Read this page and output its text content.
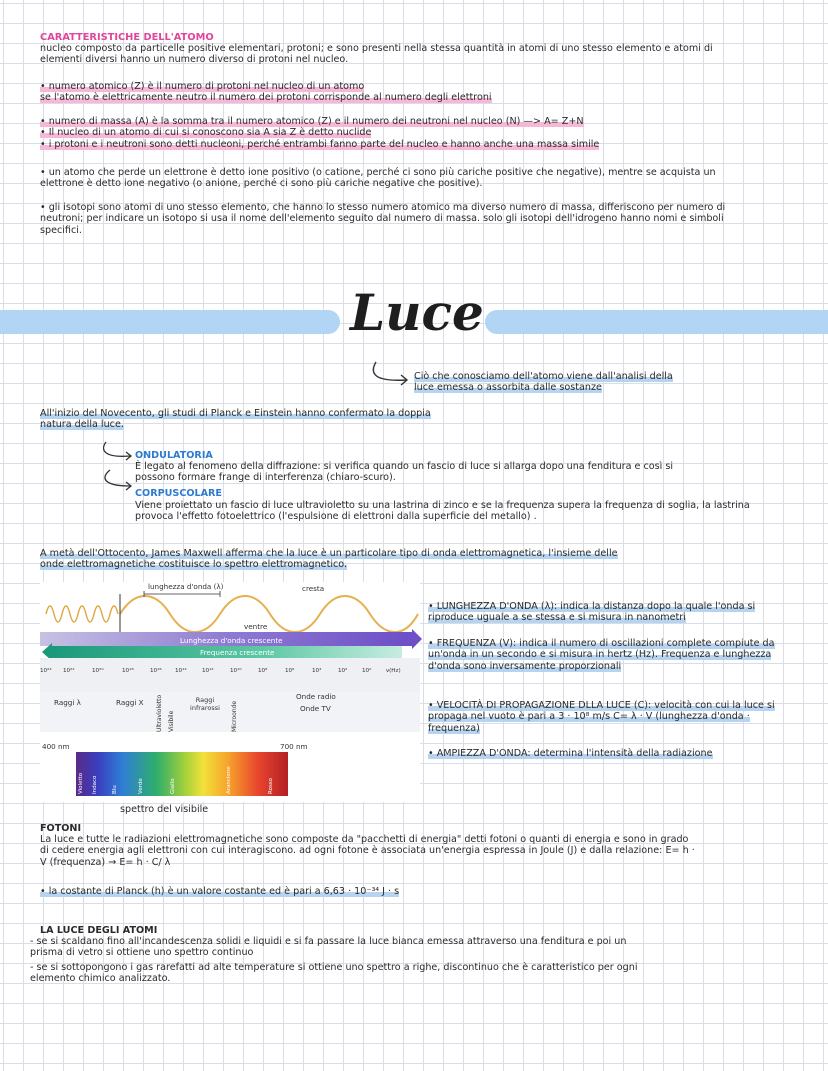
CARATTERISTICHE DELL'ATOMO
nucleo composto da particelle positive elementari, protoni; e sono presenti nella stessa quantità in atomi di uno stesso elemento e atomi di elementi diversi hanno un numero diverso di protoni nel nucleo.
• numero atomico (Z) è il numero di protoni nel nucleo di un atomo
se l'atomo è elettricamente neutro il numero dei protoni corrisponde al numero degli elettroni
• numero di massa (A) è la somma tra il numero atomico (Z) e il numero dei neutroni nel nucleo (N) —> A= Z+N
• Il nucleo di un atomo di cui si conoscono sia A sia Z è detto nuclide
• i protoni e i neutroni sono detti nucleoni, perché entrambi fanno parte del nucleo e hanno anche una massa simile
• un atomo che perde un elettrone è detto ione positivo (o catione, perché ci sono più cariche positive che negative), mentre se acquista un elettrone è detto ione negativo (o anione, perché ci sono più cariche negative che positive).
• gli isotopi sono atomi di uno stesso elemento, che hanno lo stesso numero atomico ma diverso numero di massa, differiscono per numero di neutroni; per indicare un isotopo si usa il nome dell'elemento seguito dal numero di massa. solo gli isotopi dell'idrogeno hanno nomi e simboli specifici.
Luce
Ciò che conosciamo dell'atomo viene dall'analisi della luce emessa o assorbita dalle sostanze
All'inizio del Novecento, gli studi di Planck e Einstein hanno confermato la doppia natura della luce.
ONDULATORIA
È legato al fenomeno della diffrazione: si verifica quando un fascio di luce si allarga dopo una fenditura e così si possono formare frange di interferenza (chiaro-scuro).
CORPUSCOLARE
Viene proiettato un fascio di luce ultravioletto su una lastrina di zinco e se la frequenza supera la frequenza di soglia, la lastrina provoca l'effetto fotoelettrico (l'espulsione di elettroni dalla superficie del metallo) .
A metà dell'Ottocento, James Maxwell afferma che la luce è un particolare tipo di onda elettromagnetica, l'insieme delle onde elettromagnetiche costituisce lo spettro elettromagnetico.
lunghezza d'onda (λ)	cresta
ventre
Lunghezza d'onda crescente
Frequenza crescente
10²⁴ 10²²	10²⁰	10¹⁸	10¹⁶ 10¹⁴	10¹²	10¹⁰	10⁸	10⁶	10⁴	10²	10⁰	ν(Hz)
Raggi λ	Raggi X Ultravioletto Visibile
Raggi infrarossi	Microonde
Onde radio
Onde TV
400 nm	700 nm
Violetto Indaco	Blu	Verde	Giallo	Arancione	Rosso
spettro del visibile
• LUNGHEZZA D'ONDA (λ): indica la distanza dopo la quale l'onda si riproduce uguale a se stessa e si misura in nanometri
• FREQUENZA (V): indica il numero di oscillazioni complete compiute da un'onda in un secondo e si misura in hertz (Hz). Frequenza e lunghezza d'onda sono inversamente proporzionali
• VELOCITÀ DI PROPAGAZIONE DLLA LUCE (C): velocità con cui la luce si propaga nel vuoto è pari a 3 · 10⁸ m/s C= λ · V (lunghezza d'onda · frequenza)
• AMPIEZZA D'ONDA: determina l'intensità della radiazione
FOTONI
La luce e tutte le radiazioni elettromagnetiche sono composte da "pacchetti di energia" detti fotoni o quanti di energia e sono in grado di cedere energia agli elettroni con cui interagiscono. ad ogni fotone è associata un'energia espressa in Joule (J) e dalla relazione: E= h · V (frequenza) → E= h · C/ λ
• la costante di Planck (h) è un valore costante ed è pari a 6,63 · 10⁻³⁴ J · s
LA LUCE DEGLI ATOMI
- se si scaldano fino all'incandescenza solidi e liquidi e si fa passare la luce bianca emessa attraverso una fenditura e poi un prisma di vetro si ottiene uno spettro continuo
- se si sottopongono i gas rarefatti ad alte temperature si ottiene uno spettro a righe, discontinuo che è caratteristico per ogni elemento chimico analizzato.
